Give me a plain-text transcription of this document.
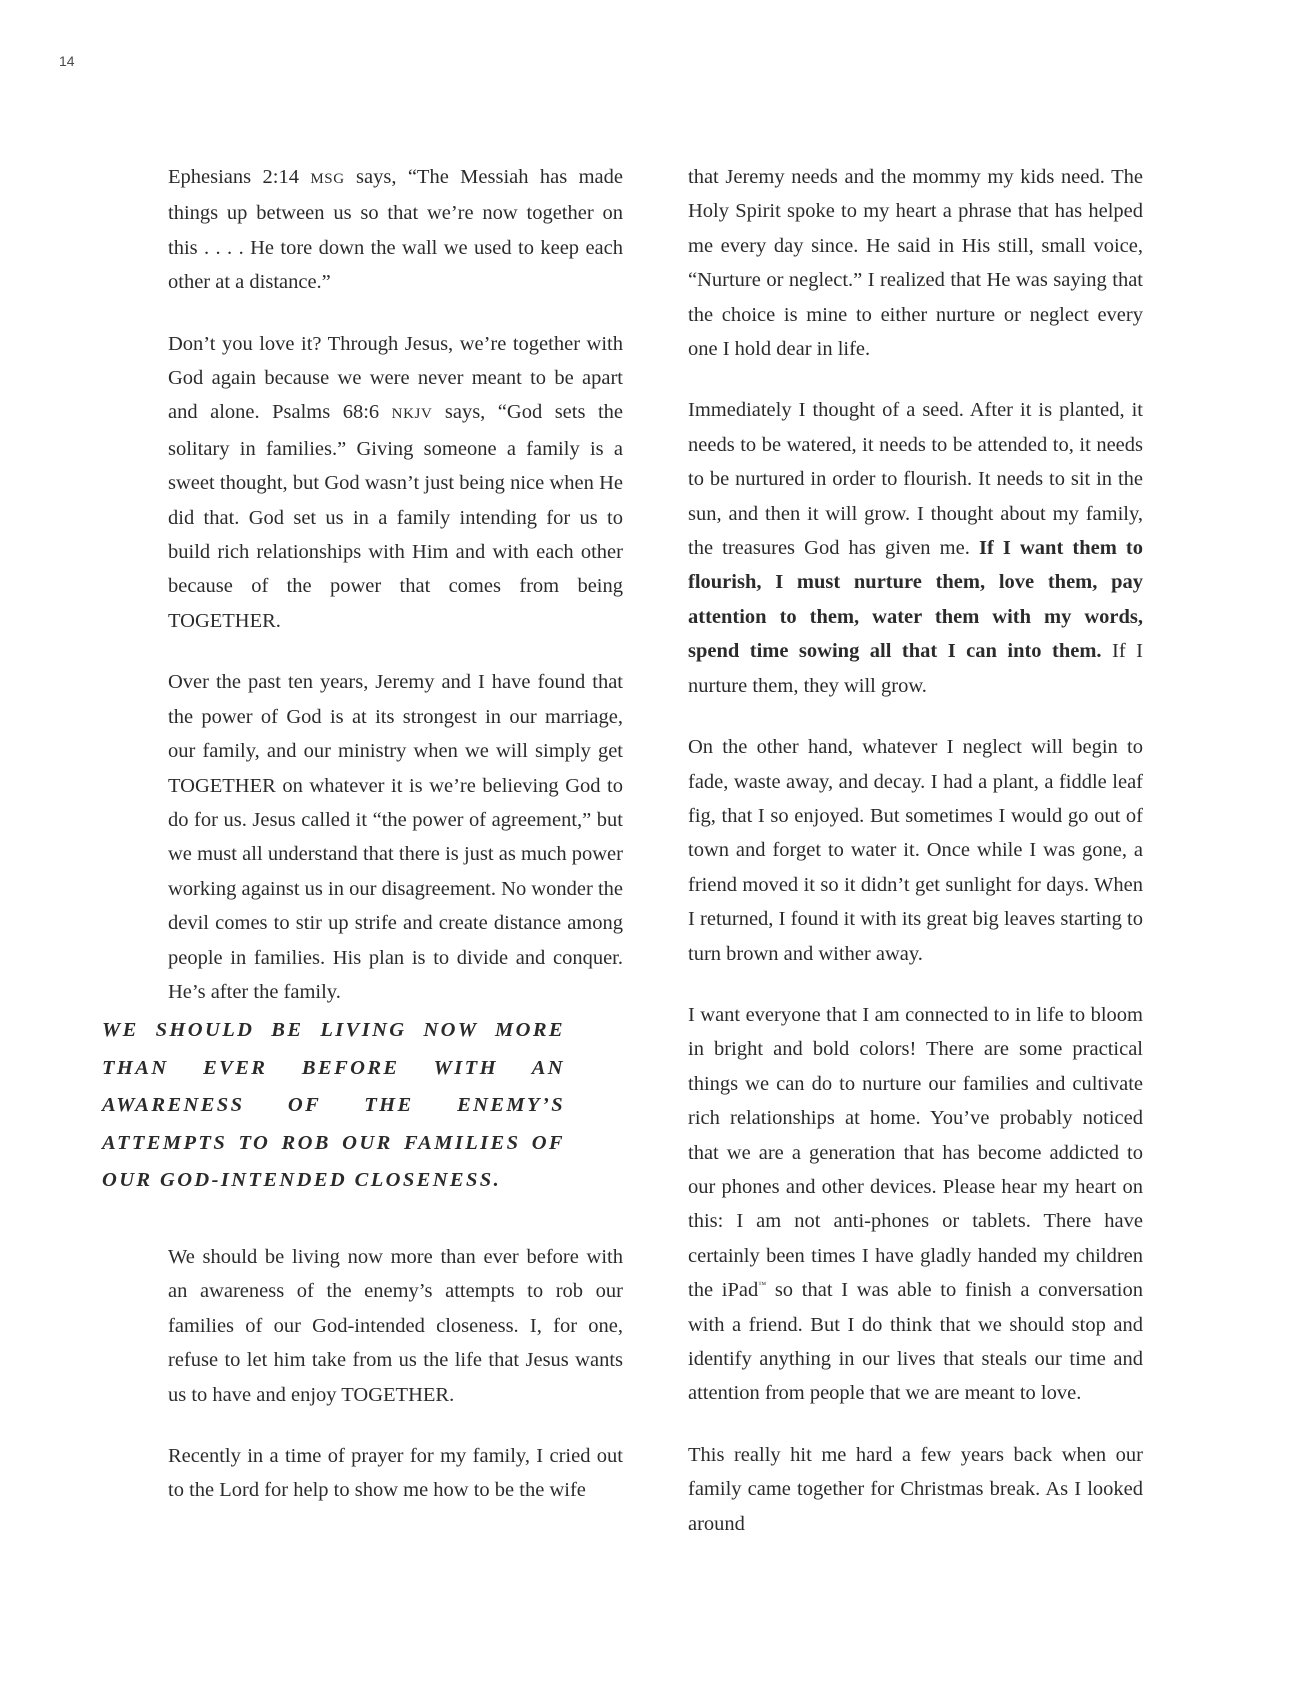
14

Ephesians 2:14 MSG says, “The Messiah has made things up between us so that we’re now together on this . . . . He tore down the wall we used to keep each other at a distance.”

Don’t you love it? Through Jesus, we’re together with God again because we were never meant to be apart and alone. Psalms 68:6 NKJV says, “God sets the solitary in families.” Giving someone a family is a sweet thought, but God wasn’t just being nice when He did that. God set us in a family intending for us to build rich relationships with Him and with each other because of the power that comes from being TOGETHER.

Over the past ten years, Jeremy and I have found that the power of God is at its strongest in our marriage, our family, and our ministry when we will simply get TOGETHER on whatever it is we’re believing God to do for us. Jesus called it “the power of agreement,” but we must all understand that there is just as much power working against us in our disagreement. No wonder the devil comes to stir up strife and create distance among people in families. His plan is to divide and conquer. He’s after the family.

WE SHOULD BE LIVING NOW MORE THAN EVER BEFORE WITH AN AWARENESS OF THE ENEMY’S ATTEMPTS TO ROB OUR FAMILIES OF OUR GOD-INTENDED CLOSENESS.

We should be living now more than ever before with an awareness of the enemy’s attempts to rob our families of our God-intended closeness. I, for one, refuse to let him take from us the life that Jesus wants us to have and enjoy TOGETHER.

Recently in a time of prayer for my family, I cried out to the Lord for help to show me how to be the wife

that Jeremy needs and the mommy my kids need. The Holy Spirit spoke to my heart a phrase that has helped me every day since. He said in His still, small voice, “Nurture or neglect.” I realized that He was saying that the choice is mine to either nurture or neglect every one I hold dear in life.

Immediately I thought of a seed. After it is planted, it needs to be watered, it needs to be attended to, it needs to be nurtured in order to flourish. It needs to sit in the sun, and then it will grow. I thought about my family, the treasures God has given me. If I want them to flourish, I must nurture them, love them, pay attention to them, water them with my words, spend time sowing all that I can into them. If I nurture them, they will grow.

On the other hand, whatever I neglect will begin to fade, waste away, and decay. I had a plant, a fiddle leaf fig, that I so enjoyed. But sometimes I would go out of town and forget to water it. Once while I was gone, a friend moved it so it didn’t get sunlight for days. When I returned, I found it with its great big leaves starting to turn brown and wither away.

I want everyone that I am connected to in life to bloom in bright and bold colors! There are some practical things we can do to nurture our families and cultivate rich relationships at home. You’ve probably noticed that we are a generation that has become addicted to our phones and other devices. Please hear my heart on this: I am not anti-phones or tablets. There have certainly been times I have gladly handed my children the iPad™ so that I was able to finish a conversation with a friend. But I do think that we should stop and identify anything in our lives that steals our time and attention from people that we are meant to love.

This really hit me hard a few years back when our family came together for Christmas break. As I looked around
